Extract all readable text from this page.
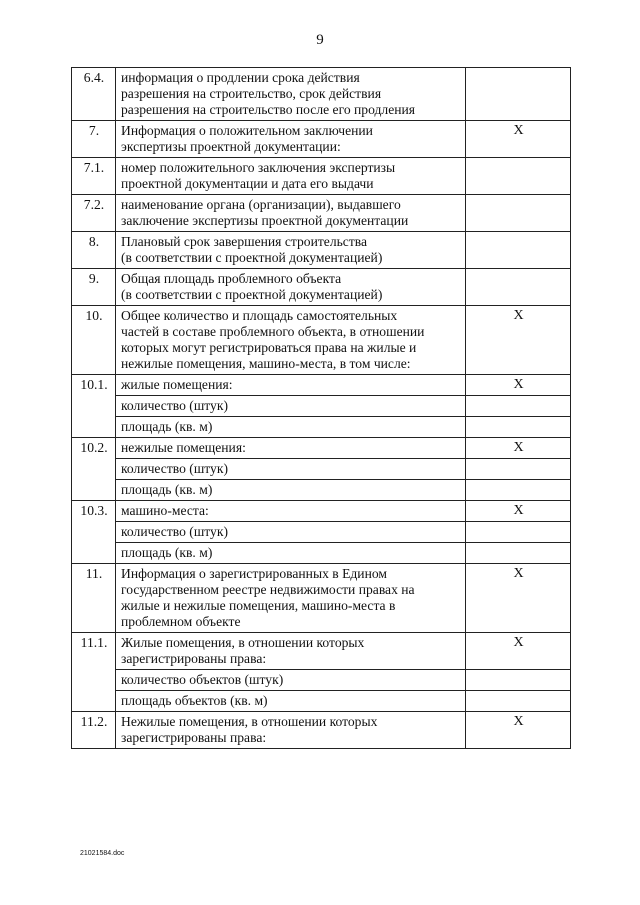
9
6.4.	информация о продлении срока действия
разрешения на строительство, срок действия
разрешения на строительство после его продления	

7.	Информация о положительном заключении
экспертизы проектной документации:	X
7.1.	номер положительного заключения экспертизы
проектной документации и дата его выдачи	

7.2.	наименование органа (организации), выдавшего
заключение экспертизы проектной документации	

8.	Плановый срок завершения строительства
(в соответствии с проектной документацией)	

9.	Общая площадь проблемного объекта
(в соответствии с проектной документацией)	

10.	Общее количество и площадь самостоятельных
частей в составе проблемного объекта, в отношении
которых могут регистрироваться права на жилые и
нежилые помещения, машино-места, в том числе:	X
10.1.	жилые помещения:	X

	количество (штук)	

	площадь (кв. м)	

10.2.	нежилые помещения:	X

	количество (штук)	

	площадь (кв. м)	

10.3.	машино-места:	X

	количество (штук)	

	площадь (кв. м)	

11.	Информация о зарегистрированных в Едином
государственном реестре недвижимости правах на
жилые и нежилые помещения, машино-места в
проблемном объекте	X
11.1.	Жилые помещения, в отношении которых
зарегистрированы права:	X

	количество объектов (штук)	

	площадь объектов (кв. м)	

11.2.	Нежилые помещения, в отношении которых
зарегистрированы права:	X
21021584.doc
